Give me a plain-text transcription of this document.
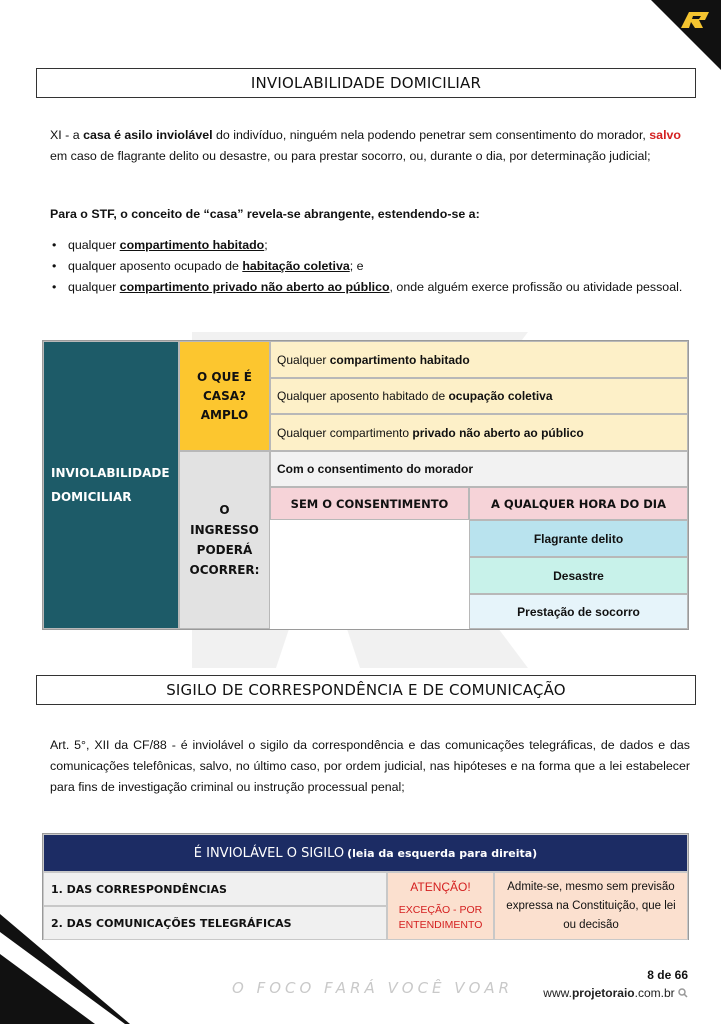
INVIOLABILIDADE DOMICILIAR

XI - a casa é asilo inviolável do indivíduo, ninguém nela podendo penetrar sem consentimento do morador, salvo em caso de flagrante delito ou desastre, ou para prestar socorro, ou, durante o dia, por determinação judicial;

Para o STF, o conceito de “casa” revela-se abrangente, estendendo-se a:

• qualquer compartimento habitado;
• qualquer aposento ocupado de habitação coletiva; e
• qualquer compartimento privado não aberto ao público, onde alguém exerce profissão ou atividade pessoal.
INVIOLABILIDADE DOMICILIAR
O QUE É CASA? AMPLO
Qualquer compartimento habitado
Qualquer aposento habitado de ocupação coletiva
Qualquer compartimento privado não aberto ao público
O INGRESSO PODERÁ OCORRER:
Com o consentimento do morador
SEM O CONSENTIMENTO	A QUALQUER HORA DO DIA
Flagrante delito
Desastre
Prestação de socorro
SIGILO DE CORRESPONDÊNCIA E DE COMUNICAÇÃO

Art. 5°, XII da CF/88 - é inviolável o sigilo da correspondência e das comunicações telegráficas, de dados e das comunicações telefônicas, salvo, no último caso, por ordem judicial, nas hipóteses e na forma que a lei estabelecer para fins de investigação criminal ou instrução processual penal;

É INVIOLÁVEL O SIGILO (leia da esquerda para direita)
1. DAS CORRESPONDÊNCIAS
2. DAS COMUNICAÇÕES TELEGRÁFICAS
ATENÇÃO!
EXCEÇÃO - POR ENTENDIMENTO
Admite-se, mesmo sem previsão expressa na Constituição, que lei ou decisão
O FOCO FARÁ VOCÊ VOAR
8 de 66
www.projetoraio.com.br
